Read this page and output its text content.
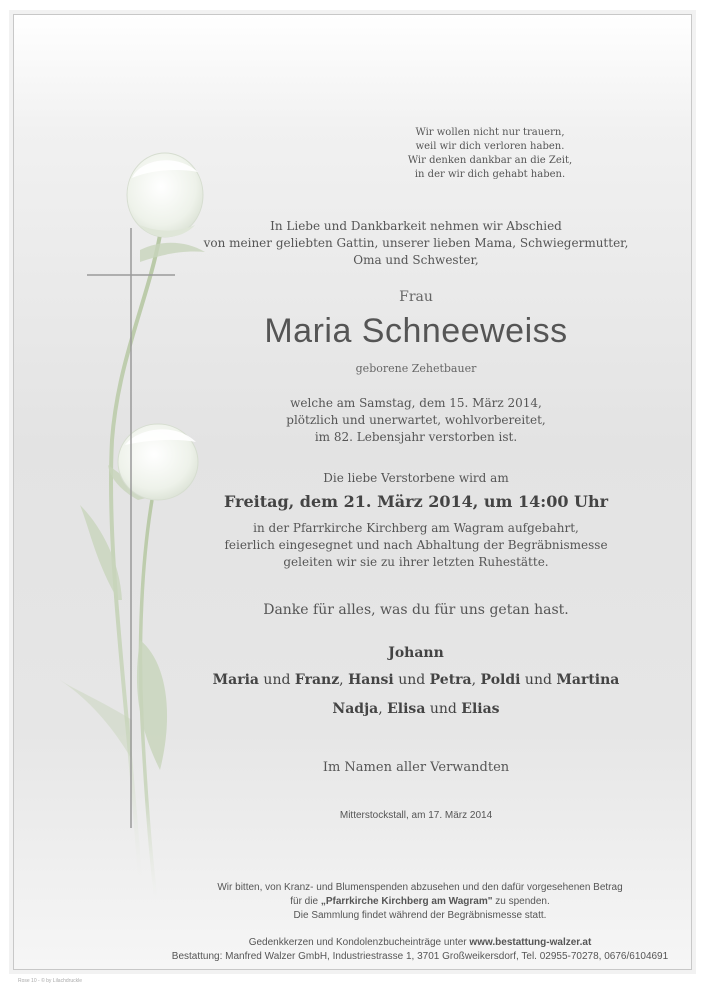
Wir wollen nicht nur trauern,
weil wir dich verloren haben.
Wir denken dankbar an die Zeit,
in der wir dich gehabt haben.
In Liebe und Dankbarkeit nehmen wir Abschied
von meiner geliebten Gattin, unserer lieben Mama, Schwiegermutter,
Oma und Schwester,
Frau
Maria Schneeweiss
geborene Zehetbauer
welche am Samstag, dem 15. März 2014,
plötzlich und unerwartet, wohlvorbereitet,
im 82. Lebensjahr verstorben ist.
Die liebe Verstorbene wird am
Freitag, dem 21. März 2014, um 14:00 Uhr
in der Pfarrkirche Kirchberg am Wagram aufgebahrt,
feierlich eingesegnet und nach Abhaltung der Begräbnismesse
geleiten wir sie zu ihrer letzten Ruhestätte.
Danke für alles, was du für uns getan hast.
Johann
Maria und Franz, Hansi und Petra, Poldi und Martina
Nadja, Elisa und Elias
Im Namen aller Verwandten
Mitterstockstall, am 17. März 2014
Wir bitten, von Kranz- und Blumenspenden abzusehen und den dafür vorgesehenen Betrag
für die „Pfarrkirche Kirchberg am Wagram" zu spenden.
Die Sammlung findet während der Begräbnismesse statt.
Gedenkkerzen und Kondolenzbucheinträge unter www.bestattung-walzer.at
Bestattung: Manfred Walzer GmbH, Industriestrasse 1, 3701 Großweikersdorf, Tel. 02955-70278, 0676/6104691
Rose 10 - © by Lilachdruckle
